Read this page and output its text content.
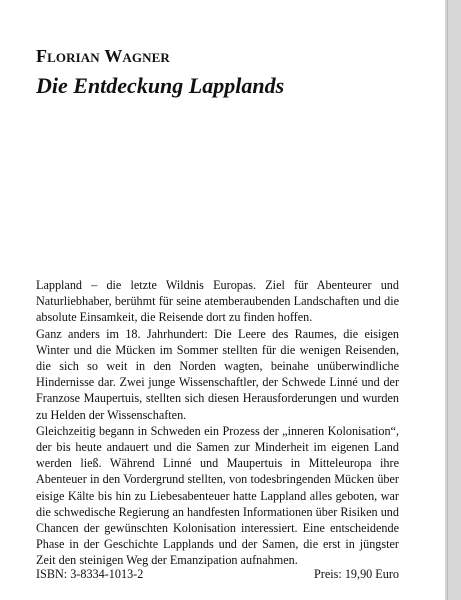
Florian Wagner
Die Entdeckung Lapplands

Lappland – die letzte Wildnis Europas. Ziel für Abenteurer und Naturliebhaber, berühmt für seine atemberaubenden Landschaften und die absolute Einsamkeit, die Reisende dort zu finden hoffen.

Ganz anders im 18. Jahrhundert: Die Leere des Raumes, die eisigen Winter und die Mücken im Sommer stellten für die wenigen Reisenden, die sich so weit in den Norden wagten, beinahe unüberwindliche Hindernisse dar. Zwei junge Wissenschaftler, der Schwede Linné und der Franzose Maupertuis, stellten sich diesen Herausforderungen und wurden zu Helden der Wissenschaften.

Gleichzeitig begann in Schweden ein Prozess der „inneren Kolonisation“, der bis heute andauert und die Samen zur Minderheit im eigenen Land werden ließ. Während Linné und Maupertuis in Mitteleuropa ihre Abenteuer in den Vordergrund stellten, von todesbringenden Mücken über eisige Kälte bis hin zu Liebesabenteuer hatte Lappland alles geboten, war die schwedische Regierung an handfesten Informationen über Risiken und Chancen der gewünschten Kolonisation interessiert. Eine entscheidende Phase in der Geschichte Lapplands und der Samen, die erst in jüngster Zeit den steinigen Weg der Emanzipation aufnahmen.

ISBN: 3-8334-1013-2	Preis: 19,90 Euro
